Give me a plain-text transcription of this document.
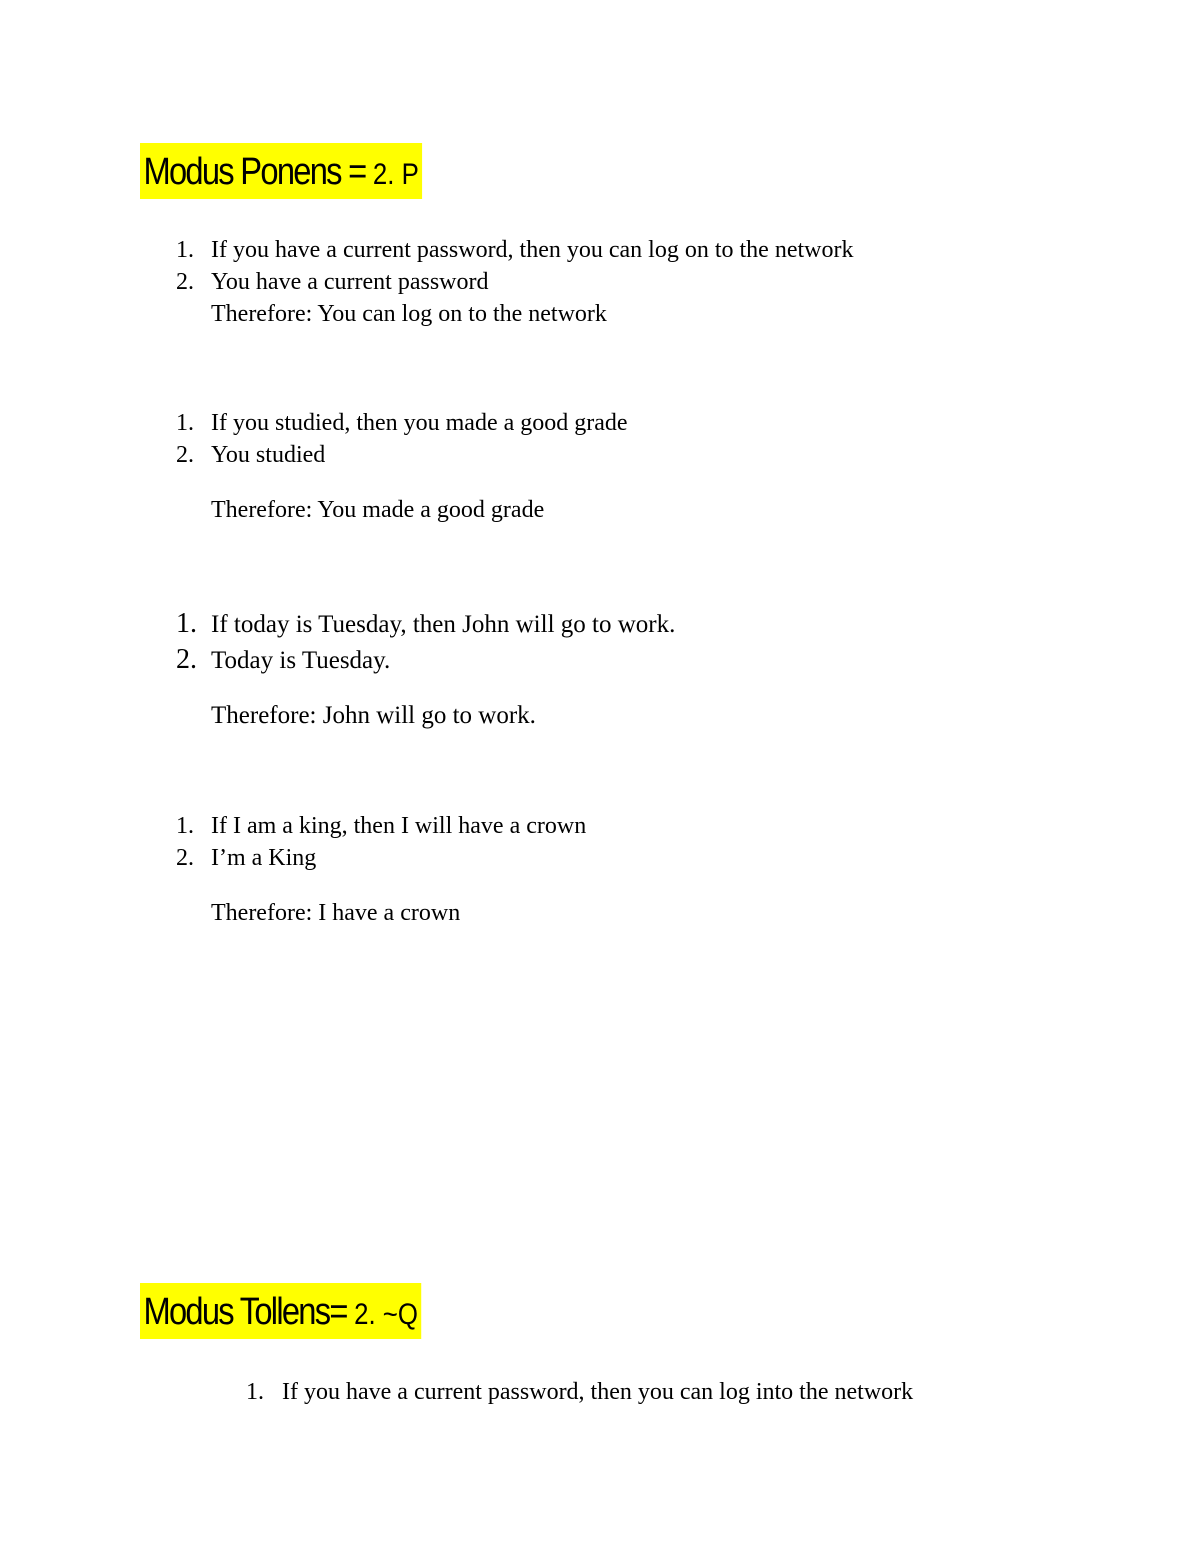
Modus Ponens = 2. P
1. If you have a current password, then you can log on to the network
2. You have a current password
Therefore: You can log on to the network
1. If you studied, then you made a good grade
2. You studied
Therefore: You made a good grade
1. If today is Tuesday, then John will go to work.
2. Today is Tuesday.
Therefore: John will go to work.
1. If I am a king, then I will have a crown
2. I’m a King
Therefore: I have a crown
Modus Tollens= 2. ~Q
1. If you have a current password, then you can log into the network
